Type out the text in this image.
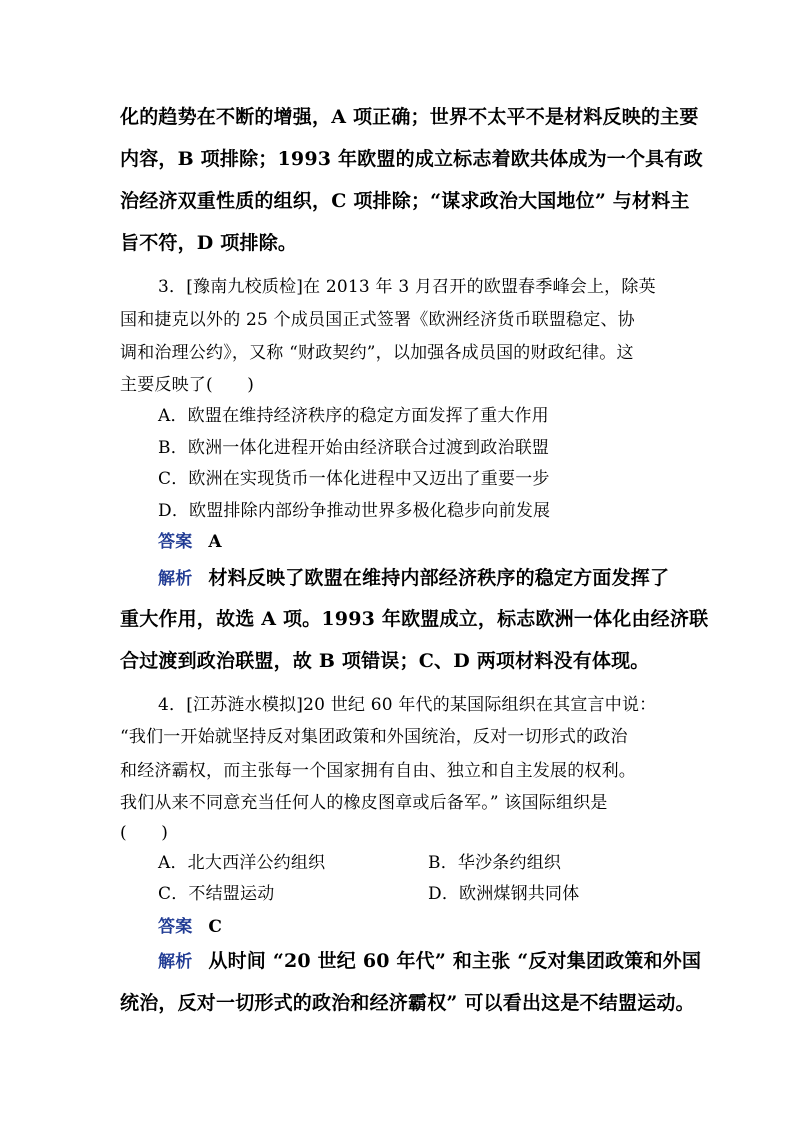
化的趋势在不断的增强，A 项正确；世界不太平不是材料反映的主要

内容，B 项排除；1993 年欧盟的成立标志着欧共体成为一个具有政

治经济双重性质的组织，C 项排除；“谋求政治大国地位” 与材料主

旨不符，D 项排除。

3．[豫南九校质检]在 2013 年 3 月召开的欧盟春季峰会上，除英

国和捷克以外的 25 个成员国正式签署《欧洲经济货币联盟稳定、协

调和治理公约》，又称 “财政契约”，以加强各成员国的财政纪律。这

主要反映了(　　)

A．欧盟在维持经济秩序的稳定方面发挥了重大作用

B．欧洲一体化进程开始由经济联合过渡到政治联盟

C．欧洲在实现货币一体化进程中又迈出了重要一步

D．欧盟排除内部纷争推动世界多极化稳步向前发展

答案 A

解析 材料反映了欧盟在维持内部经济秩序的稳定方面发挥了

重大作用，故选 A 项。1993 年欧盟成立，标志欧洲一体化由经济联

合过渡到政治联盟，故 B 项错误；C、D 两项材料没有体现。

4．[江苏涟水模拟]20 世纪 60 年代的某国际组织在其宣言中说：

“我们一开始就坚持反对集团政策和外国统治，反对一切形式的政治

和经济霸权，而主张每一个国家拥有自由、独立和自主发展的权利。

我们从来不同意充当任何人的橡皮图章或后备军。” 该国际组织是

(　　)

A．北大西洋公约组织	B．华沙条约组织

C．不结盟运动	D．欧洲煤钢共同体

答案 C

解析 从时间 “20 世纪 60 年代” 和主张 “反对集团政策和外国

统治，反对一切形式的政治和经济霸权” 可以看出这是不结盟运动。
